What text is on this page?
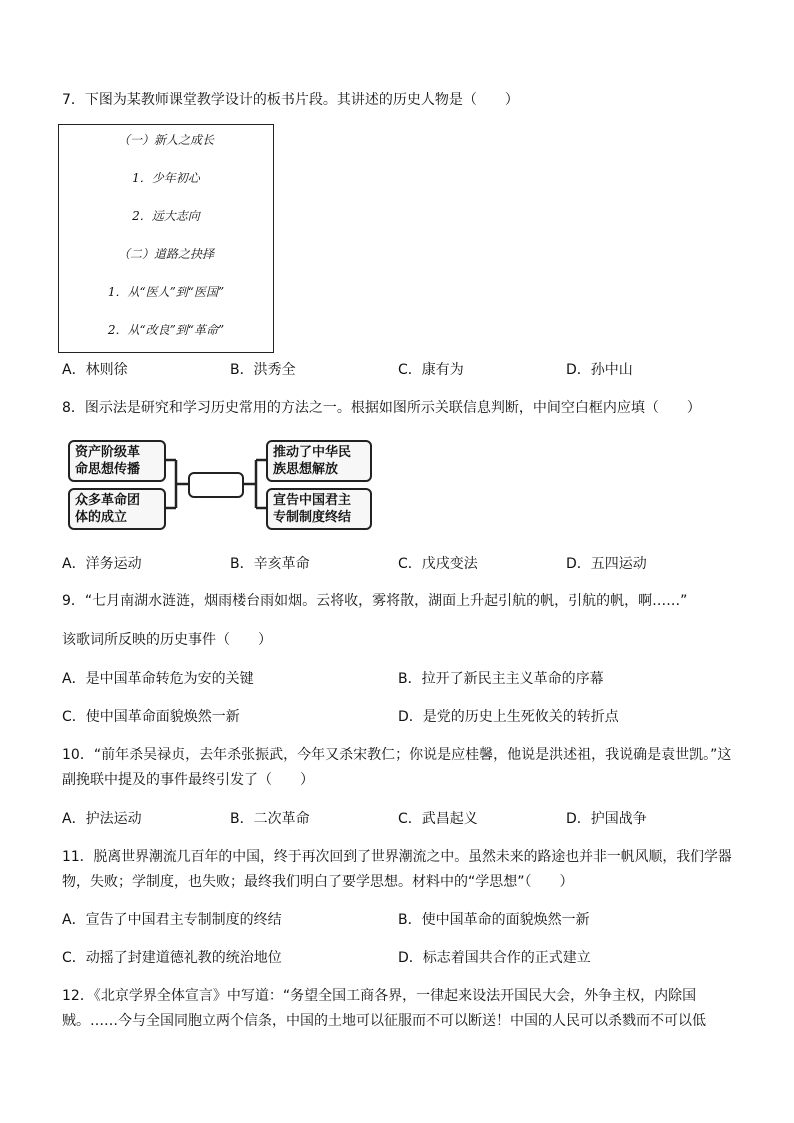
7．下图为某教师课堂教学设计的板书片段。其讲述的历史人物是（　　）
（一）新人之成长
1．少年初心
2．远大志向
（二）道路之抉择
1．从“医人”到“医国”
2．从“改良”到“革命”
A．林则徐	B．洪秀全	C．康有为	D．孙中山
8．图示法是研究和学习历史常用的方法之一。根据如图所示关联信息判断，中间空白框内应填（　　）
资产阶级革
命思想传播
众多革命团
体的成立
推动了中华民
族思想解放
宣告中国君主
专制制度终结
A．洋务运动	B．辛亥革命	C．戊戌变法	D．五四运动
9．“七月南湖水涟涟，烟雨楼台雨如烟。云将收，雾将散，湖面上升起引航的帆，引航的帆，啊……”
该歌词所反映的历史事件（　　）
A．是中国革命转危为安的关键	B．拉开了新民主主义革命的序幕
C．使中国革命面貌焕然一新	D．是党的历史上生死攸关的转折点
10．“前年杀吴禄贞，去年杀张振武，今年又杀宋教仁；你说是应桂馨，他说是洪述祖，我说确是袁世凯。”这
副挽联中提及的事件最终引发了（　　）
A．护法运动	B．二次革命	C．武昌起义	D．护国战争
11．脱离世界潮流几百年的中国，终于再次回到了世界潮流之中。虽然未来的路途也并非一帆风顺，我们学器
物，失败；学制度，也失败；最终我们明白了要学思想。材料中的“学思想”（　　）
A．宣告了中国君主专制制度的终结	B．使中国革命的面貌焕然一新
C．动摇了封建道德礼教的统治地位	D．标志着国共合作的正式建立
12．《北京学界全体宣言》中写道：“务望全国工商各界，一律起来设法开国民大会，外争主权，内除国
贼。……今与全国同胞立两个信条，中国的土地可以征服而不可以断送！中国的人民可以杀戮而不可以低
